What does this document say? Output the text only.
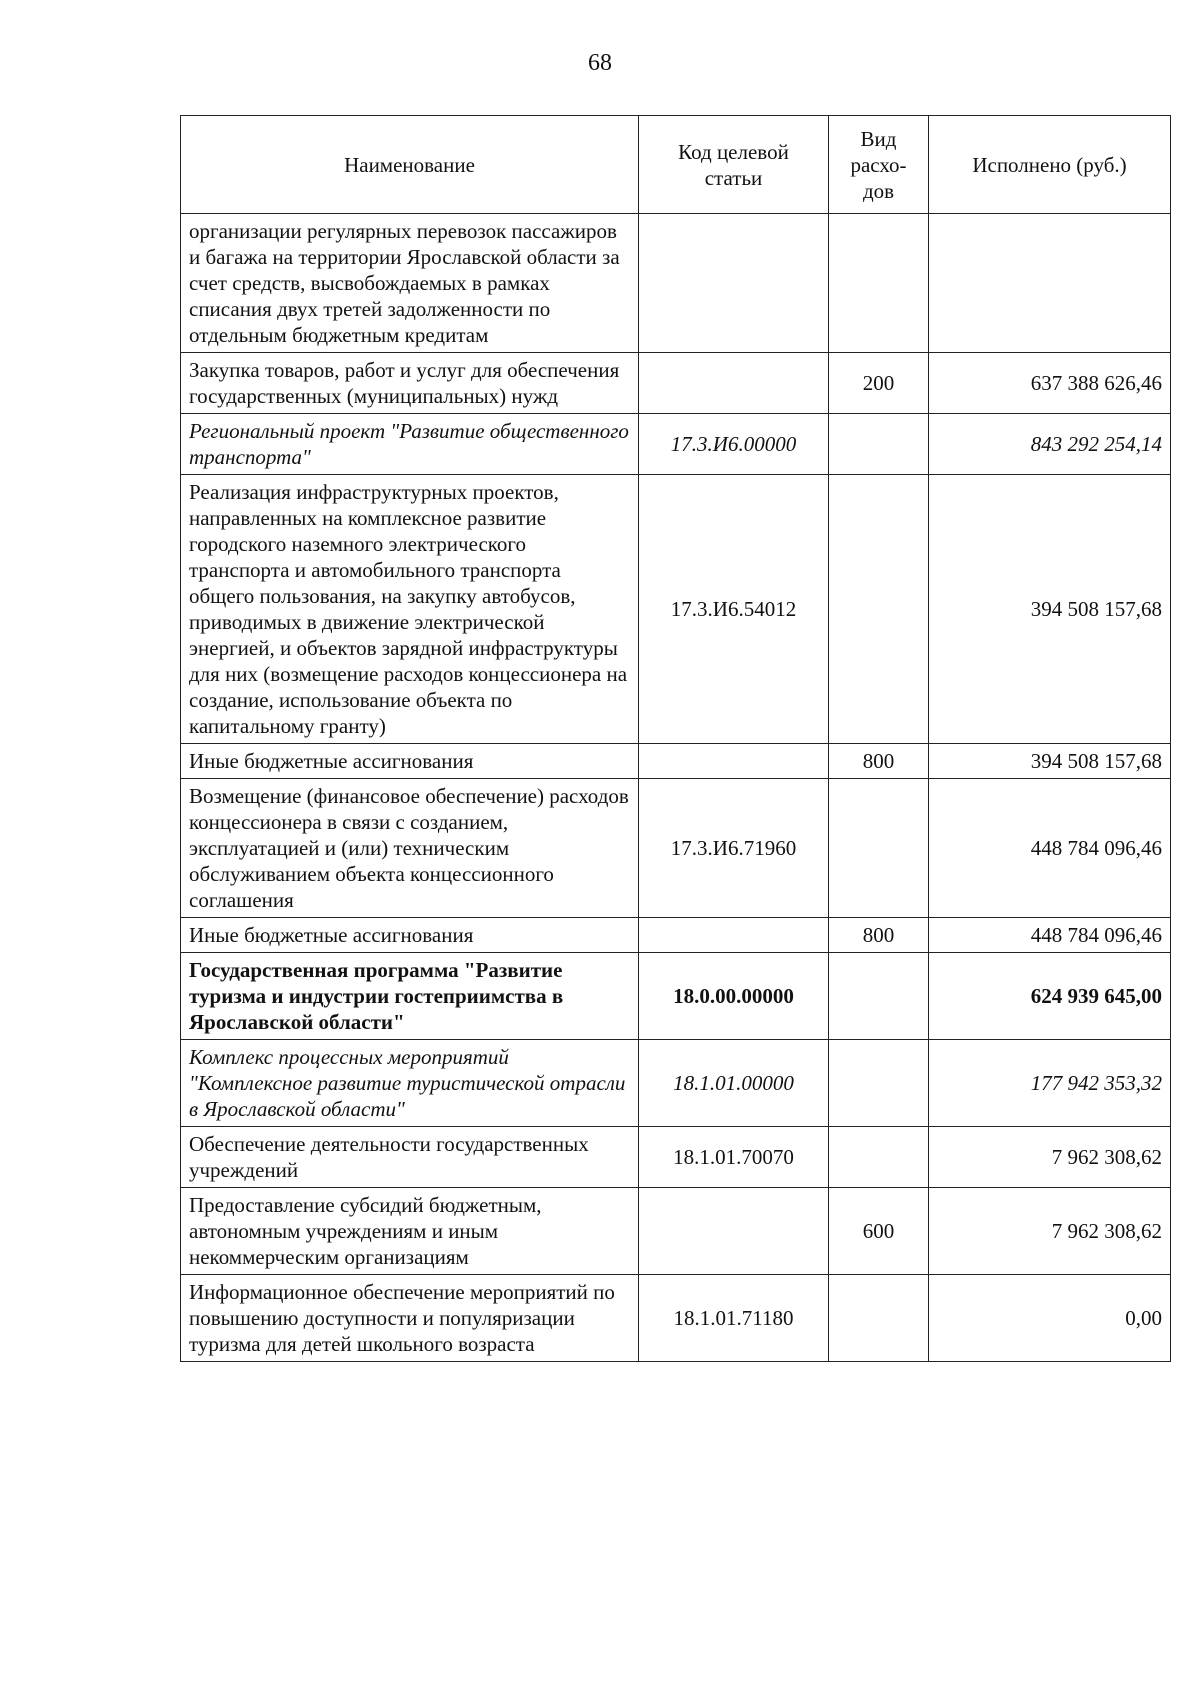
68
Наименование	Код целевой статьи	Вид расхо-дов	Исполнено (руб.)
организации регулярных перевозок пассажиров и багажа на территории Ярославской области за счет средств, высвобождаемых в рамках списания двух третей задолженности по отдельным бюджетным кредитам			
Закупка товаров, работ и услуг для обеспечения государственных (муниципальных) нужд		200	637 388 626,46
Региональный проект "Развитие общественного транспорта"	17.3.И6.00000		843 292 254,14
Реализация инфраструктурных проектов, направленных на комплексное развитие городского наземного электрического транспорта и автомобильного транспорта общего пользования, на закупку автобусов, приводимых в движение электрической энергией, и объектов зарядной инфраструктуры для них (возмещение расходов концессионера на создание, использование объекта по капитальному гранту)	17.3.И6.54012		394 508 157,68
Иные бюджетные ассигнования		800	394 508 157,68
Возмещение (финансовое обеспечение) расходов концессионера в связи с созданием, эксплуатацией и (или) техническим обслуживанием объекта концессионного соглашения	17.3.И6.71960		448 784 096,46
Иные бюджетные ассигнования		800	448 784 096,46
Государственная программа "Развитие туризма и индустрии гостеприимства в Ярославской области"	18.0.00.00000		624 939 645,00
Комплекс процессных мероприятий "Комплексное развитие туристической отрасли в Ярославской области"	18.1.01.00000		177 942 353,32
Обеспечение деятельности государственных учреждений	18.1.01.70070		7 962 308,62
Предоставление субсидий бюджетным, автономным учреждениям и иным некоммерческим организациям		600	7 962 308,62
Информационное обеспечение мероприятий по повышению доступности и популяризации туризма для детей школьного возраста	18.1.01.71180		0,00
